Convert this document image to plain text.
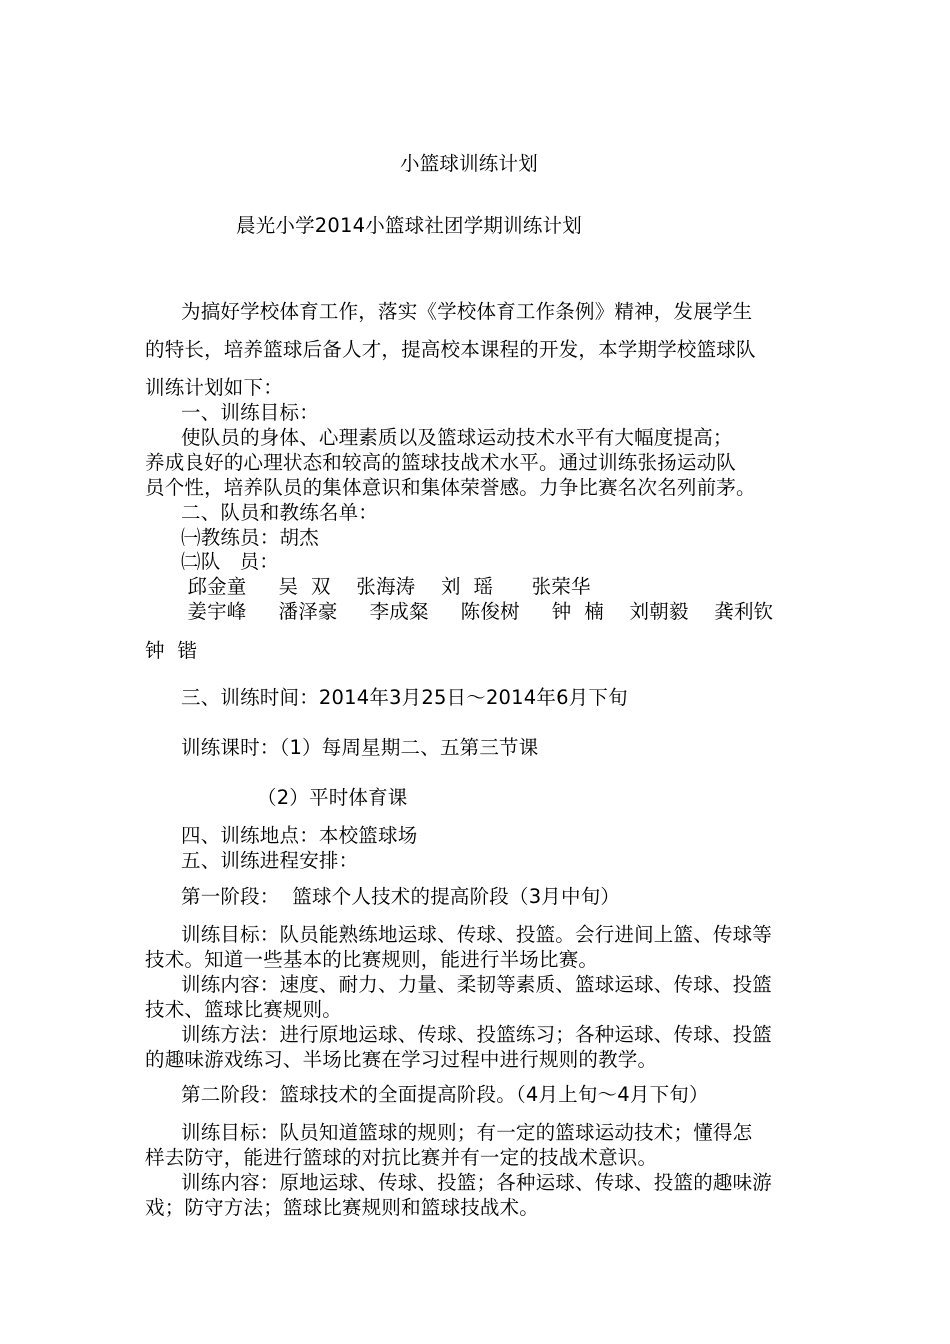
小篮球训练计划
晨光小学2014小篮球社团学期训练计划
为搞好学校体育工作，落实《学校体育工作条例》精神，发展学生
的特长，培养篮球后备人才，提高校本课程的开发，本学期学校篮球队
训练计划如下：
一、训练目标：
使队员的身体、心理素质以及篮球运动技术水平有大幅度提高；
养成良好的心理状态和较高的篮球技战术水平。通过训练张扬运动队
员个性，培养队员的集体意识和集体荣誉感。力争比赛名次名列前茅。
二、队员和教练名单：
㈠教练员：胡杰
㈡队   员：
邱金童     吴  双    张海涛    刘  瑶      张荣华
姜宇峰     潘泽豪     李成粲     陈俊树     钟  楠    刘朝毅    龚利钦
钟  锴
三、训练时间：2014年3月25日～2014年6月下旬
训练课时：（1）每周星期二、五第三节课
（2）平时体育课
四、训练地点：本校篮球场
五、训练进程安排：
第一阶段：  篮球个人技术的提高阶段（3月中旬）
训练目标：队员能熟练地运球、传球、投篮。会行进间上篮、传球等
技术。知道一些基本的比赛规则，能进行半场比赛。
训练内容：速度、耐力、力量、柔韧等素质、篮球运球、传球、投篮
技术、篮球比赛规则。
训练方法：进行原地运球、传球、投篮练习；各种运球、传球、投篮
的趣味游戏练习、半场比赛在学习过程中进行规则的教学。
第二阶段：篮球技术的全面提高阶段。（4月上旬～4月下旬）
训练目标：队员知道篮球的规则；有一定的篮球运动技术；懂得怎
样去防守，能进行篮球的对抗比赛并有一定的技战术意识。
训练内容：原地运球、传球、投篮；各种运球、传球、投篮的趣味游
戏；防守方法；篮球比赛规则和篮球技战术。
